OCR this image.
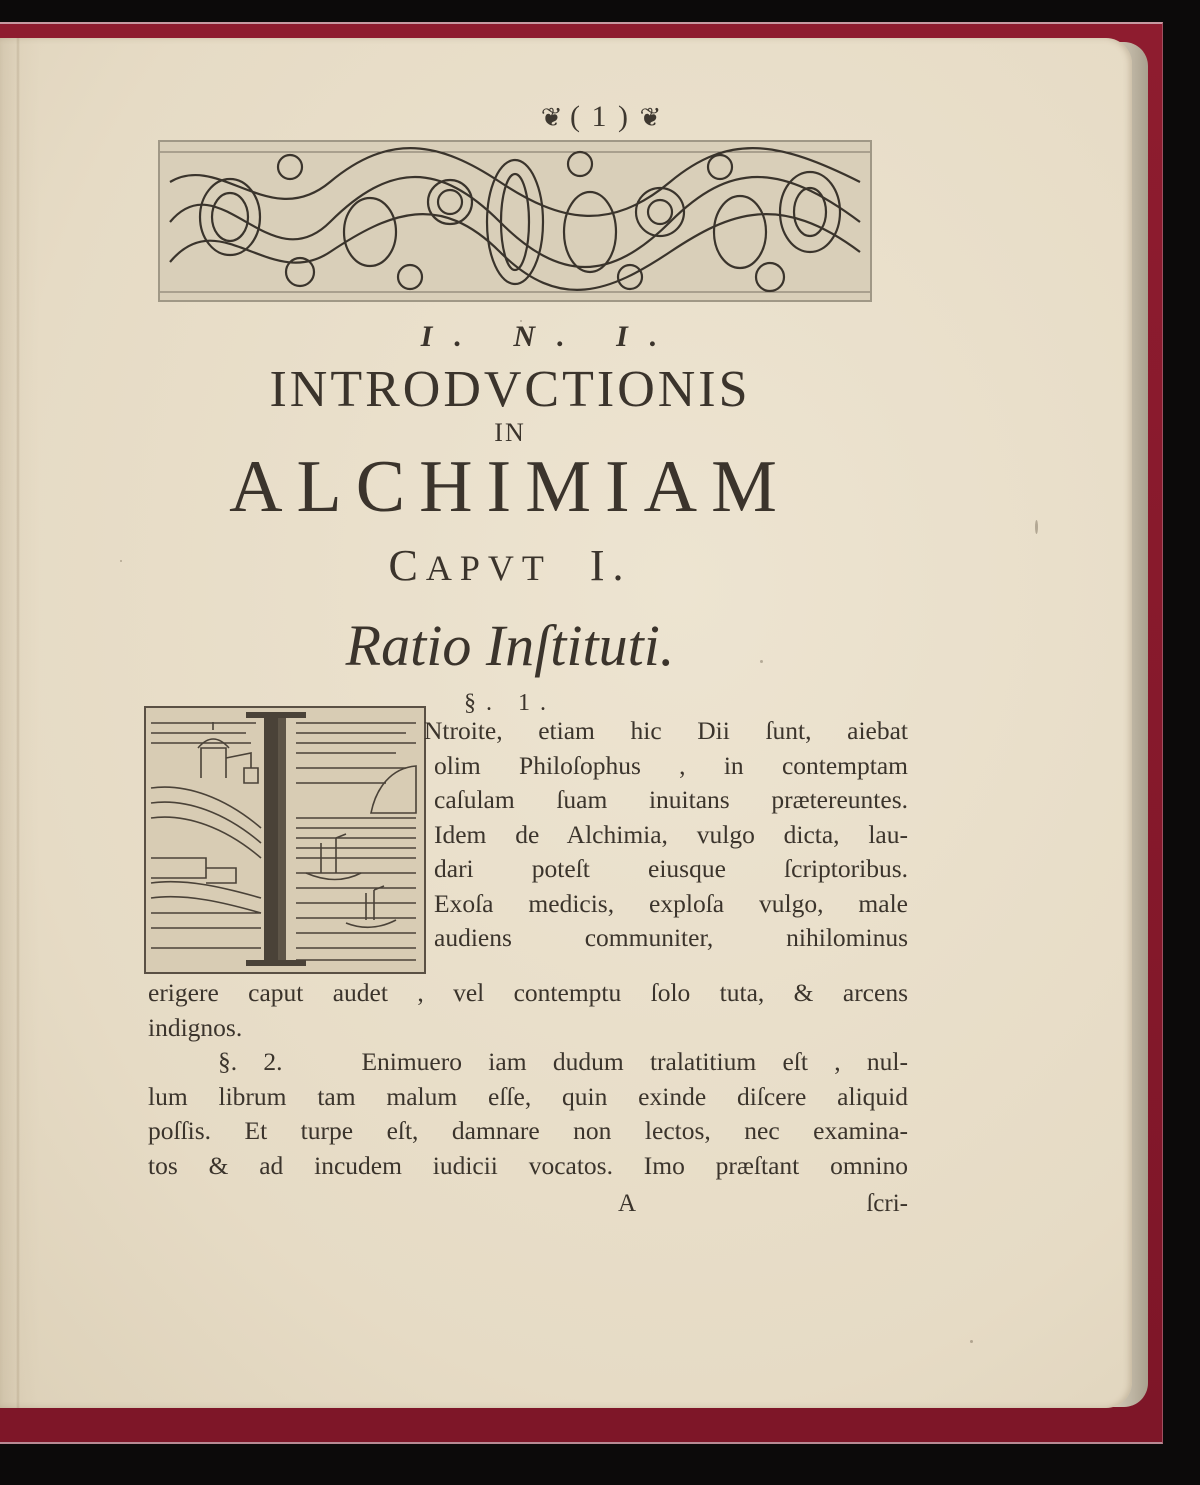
❦ ( 1 ) ❦
I. N. I.
INTRODVCTIONIS
IN
ALCHIMIAM
CAPVT I.
Ratio Inſtituti.
§. 1.
Ntroite, etiam hic Dii ſunt, aiebat
olim Philoſophus , in contemptam
caſulam ſuam inuitans prætereuntes.
Idem de Alchimia, vulgo dicta, lau-
dari poteſt eiusque ſcriptoribus.
Exoſa medicis, exploſa vulgo, male
audiens communiter, nihilominus
erigere caput audet , vel contemptu ſolo tuta, & arcens
indignos.
§. 2.	Enimuero iam dudum tralatitium eſt , nul-
lum librum tam malum eſſe, quin exinde diſcere aliquid
poſſis. Et turpe eſt, damnare non lectos, nec examina-
tos & ad incudem iudicii vocatos. Imo præſtant omnino
A	ſcri-
